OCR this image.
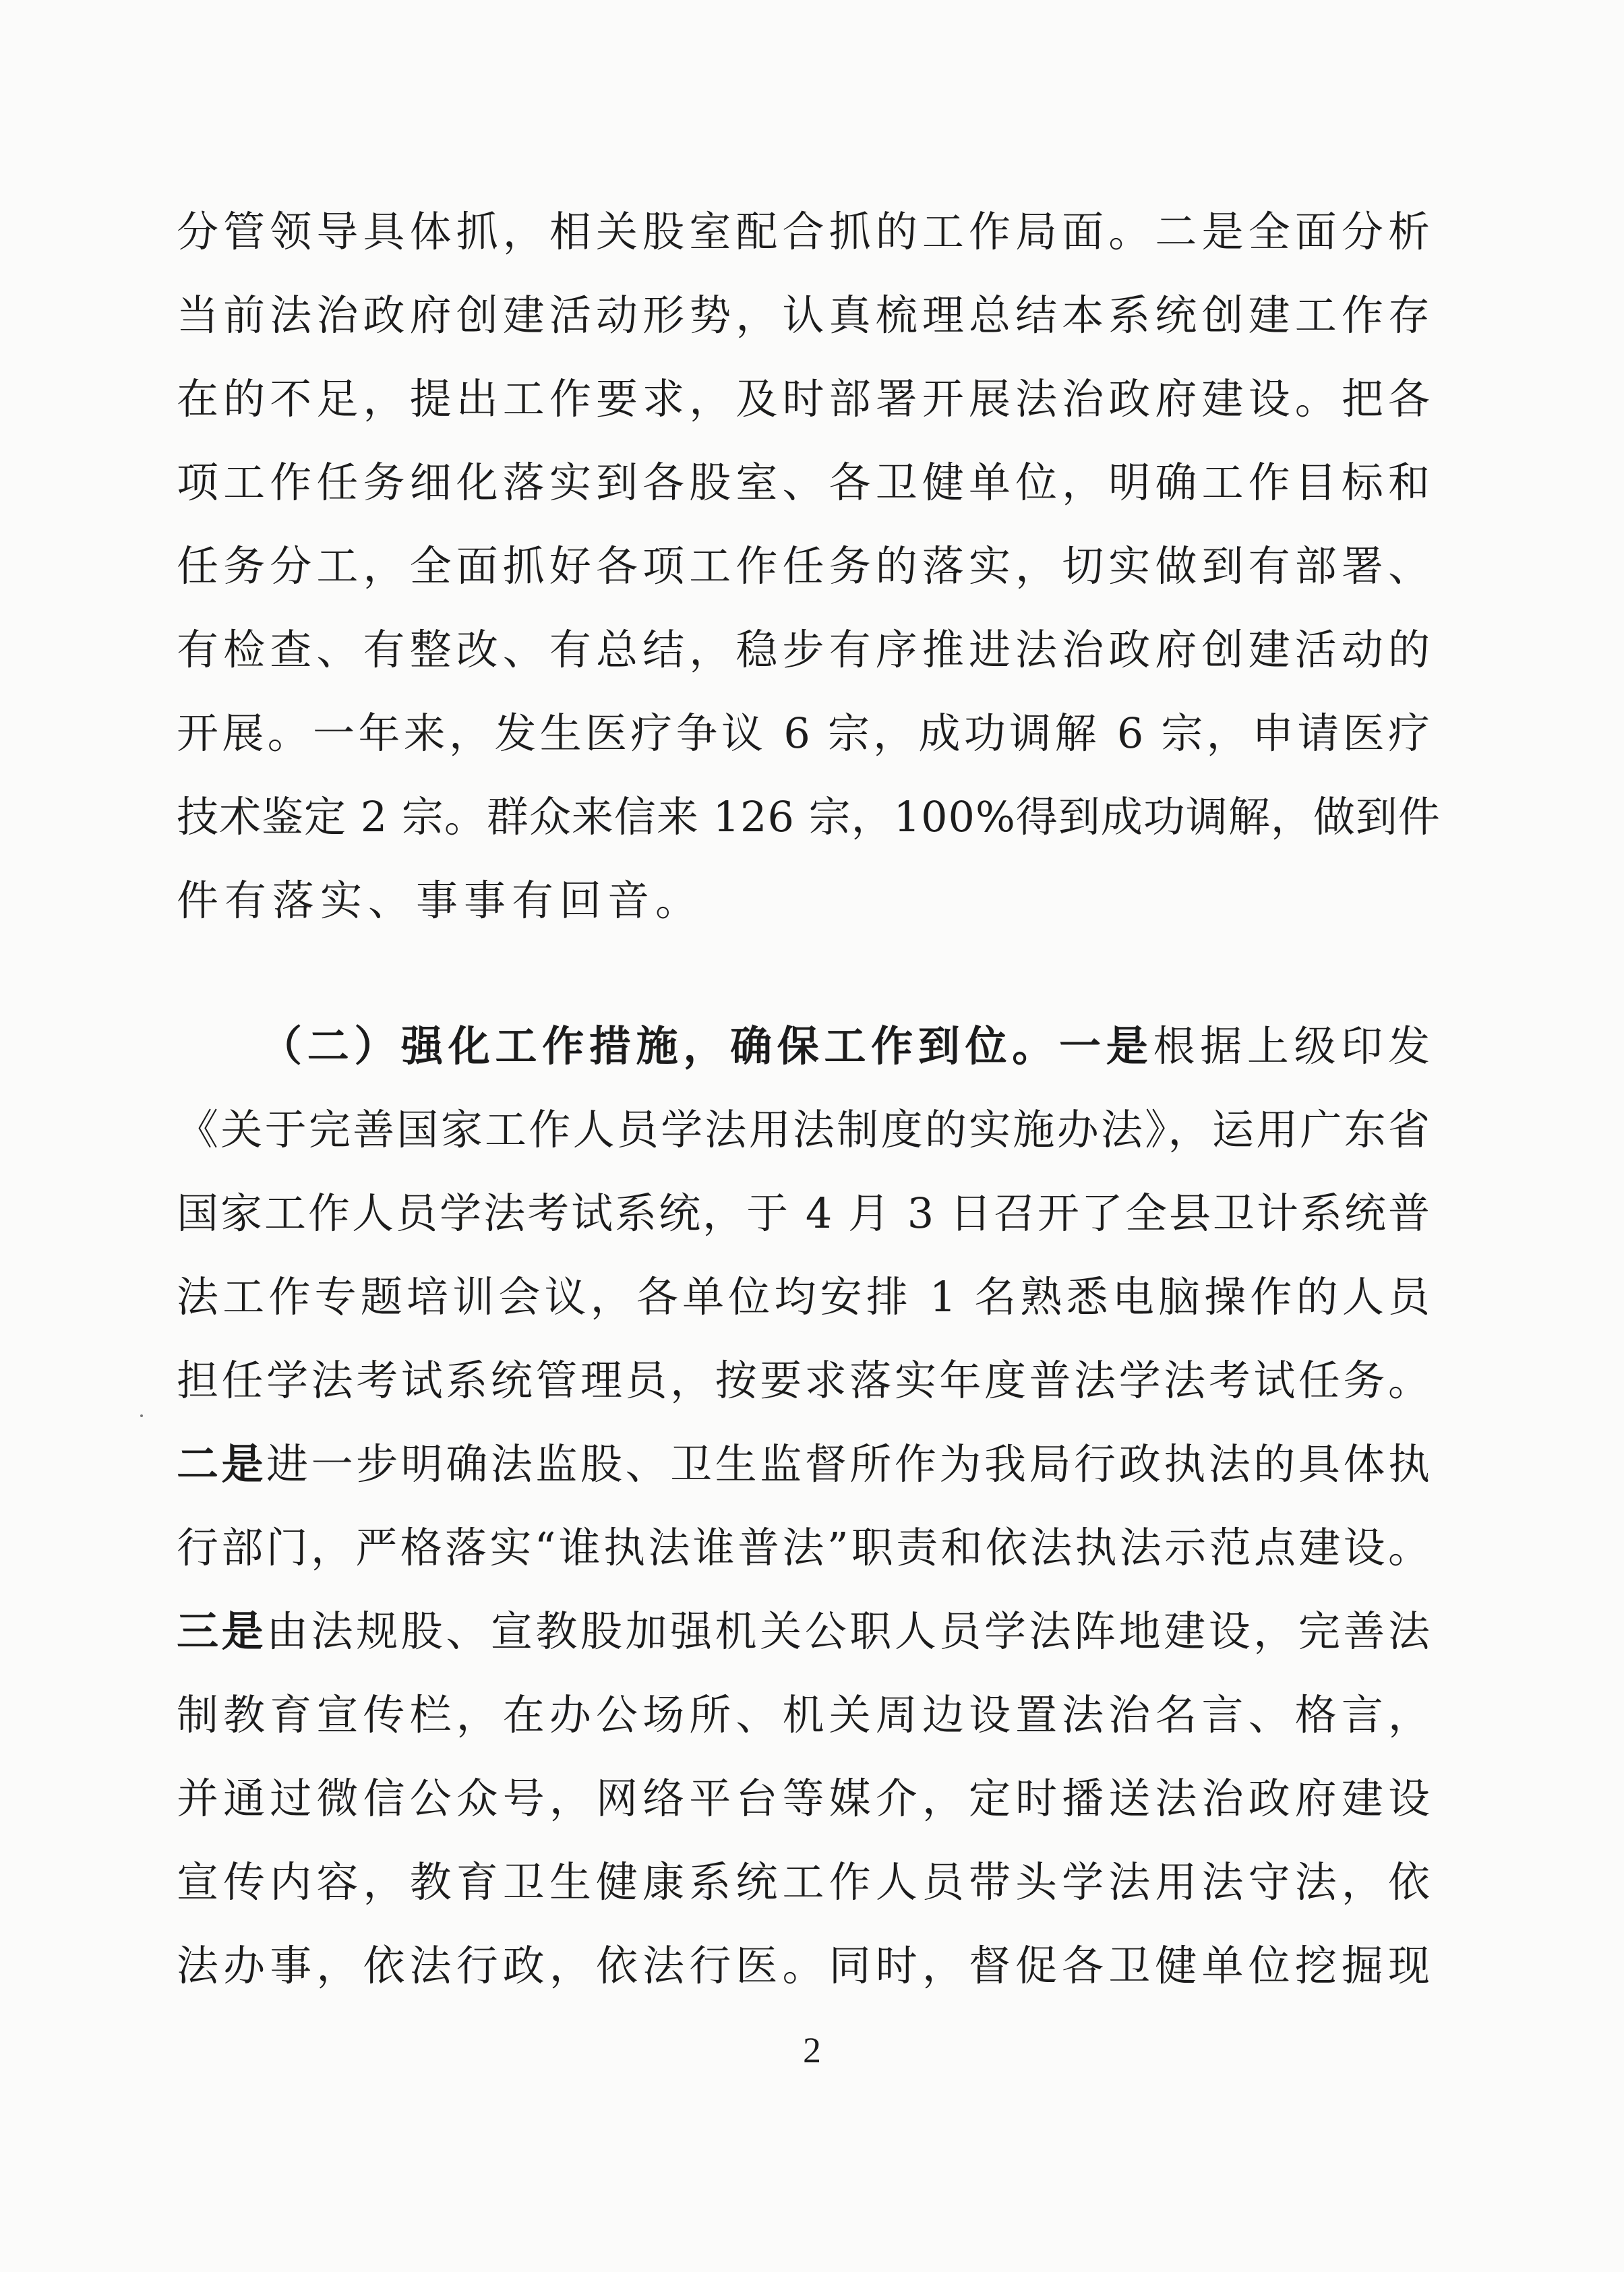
分管领导具体抓，相关股室配合抓的工作局面。二是全面分析
当前法治政府创建活动形势，认真梳理总结本系统创建工作存
在的不足，提出工作要求，及时部署开展法治政府建设。把各
项工作任务细化落实到各股室、各卫健单位，明确工作目标和
任务分工，全面抓好各项工作任务的落实，切实做到有部署、
有检查、有整改、有总结，稳步有序推进法治政府创建活动的
开展。一年来，发生医疗争议 6 宗，成功调解 6 宗，申请医疗
技术鉴定 2 宗。群众来信来 126 宗，100%得到成功调解，做到件
件有落实、事事有回音。
（二）强化工作措施，确保工作到位。一是根据上级印发
《关于完善国家工作人员学法用法制度的实施办法》，运用广东省
国家工作人员学法考试系统，于 4 月 3 日召开了全县卫计系统普
法工作专题培训会议，各单位均安排 1 名熟悉电脑操作的人员
担任学法考试系统管理员，按要求落实年度普法学法考试任务。
二是进一步明确法监股、卫生监督所作为我局行政执法的具体执
行部门，严格落实“谁执法谁普法”职责和依法执法示范点建设。
三是由法规股、宣教股加强机关公职人员学法阵地建设，完善法
制教育宣传栏，在办公场所、机关周边设置法治名言、格言，
并通过微信公众号，网络平台等媒介，定时播送法治政府建设
宣传内容，教育卫生健康系统工作人员带头学法用法守法，依
法办事，依法行政，依法行医。同时，督促各卫健单位挖掘现
2
